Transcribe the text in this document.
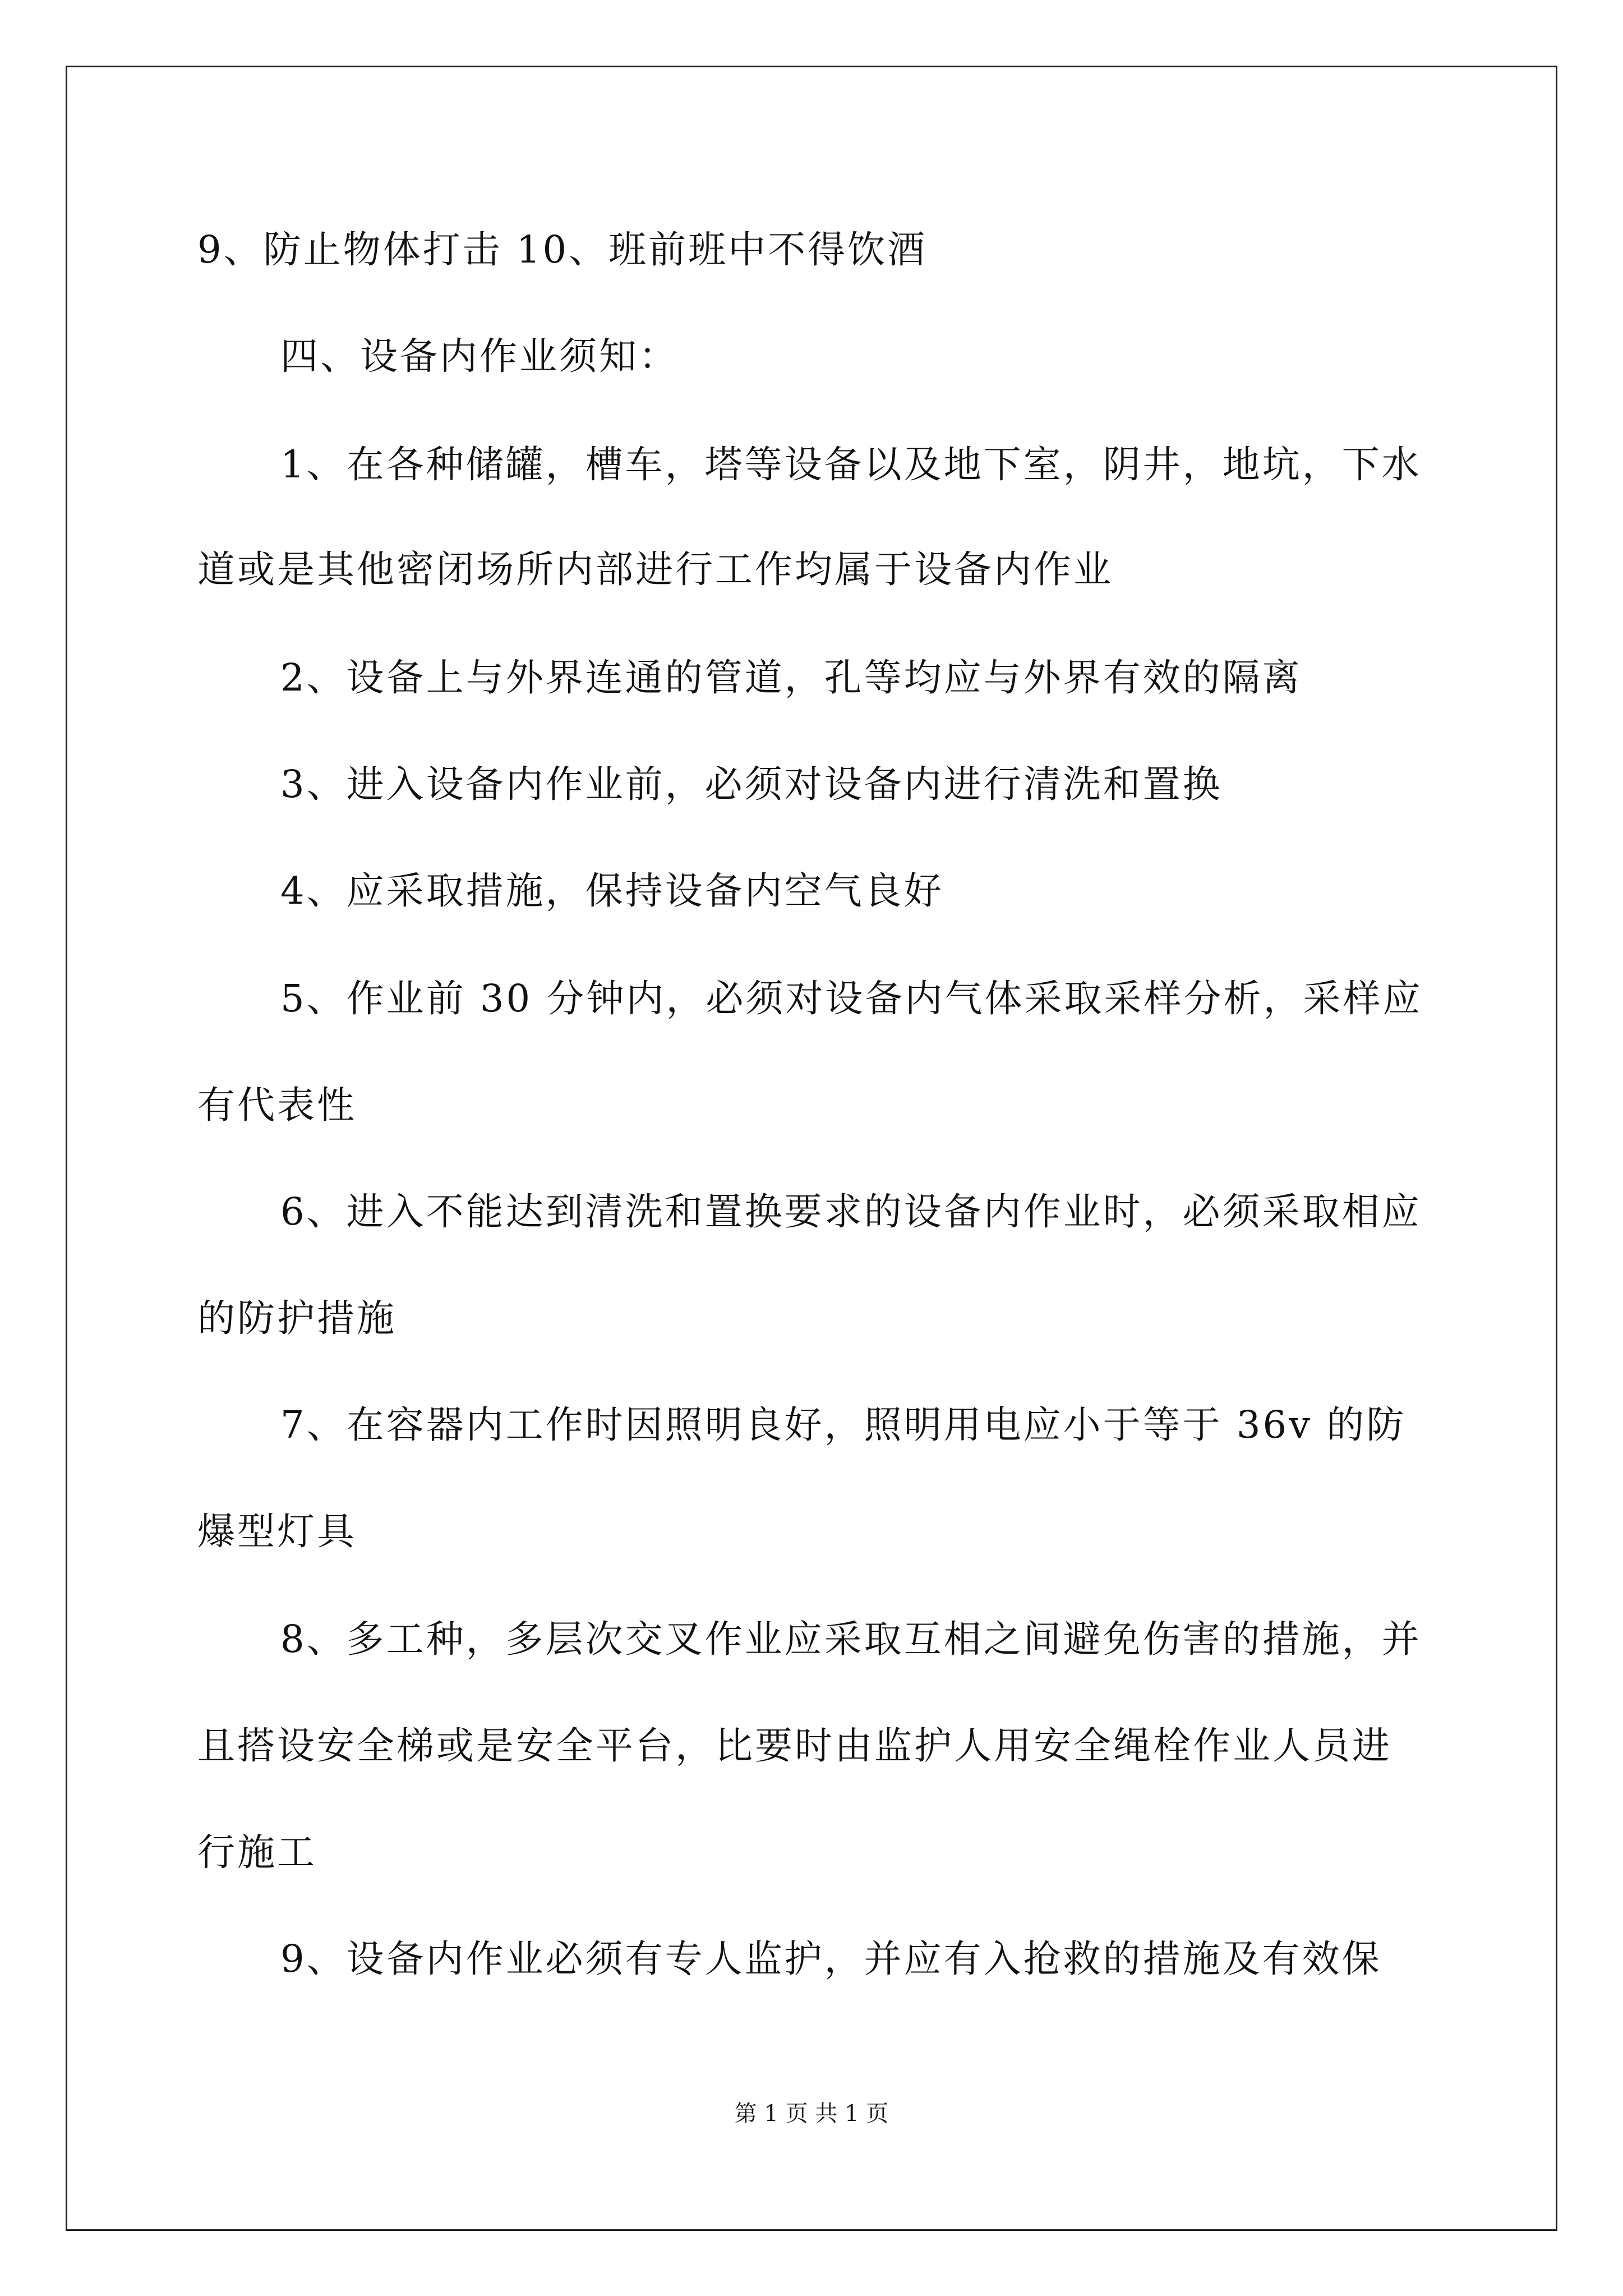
9、防止物体打击 10、班前班中不得饮酒
四、设备内作业须知：
1、在各种储罐，槽车，塔等设备以及地下室，阴井，地坑，下水
道或是其他密闭场所内部进行工作均属于设备内作业
2、设备上与外界连通的管道，孔等均应与外界有效的隔离
3、进入设备内作业前，必须对设备内进行清洗和置换
4、应采取措施，保持设备内空气良好
5、作业前 30 分钟内，必须对设备内气体采取采样分析，采样应
有代表性
6、进入不能达到清洗和置换要求的设备内作业时，必须采取相应
的防护措施
7、在容器内工作时因照明良好，照明用电应小于等于 36v 的防
爆型灯具
8、多工种，多层次交叉作业应采取互相之间避免伤害的措施，并
且搭设安全梯或是安全平台，比要时由监护人用安全绳栓作业人员进
行施工
9、设备内作业必须有专人监护，并应有入抢救的措施及有效保
第 1 页 共 1 页
